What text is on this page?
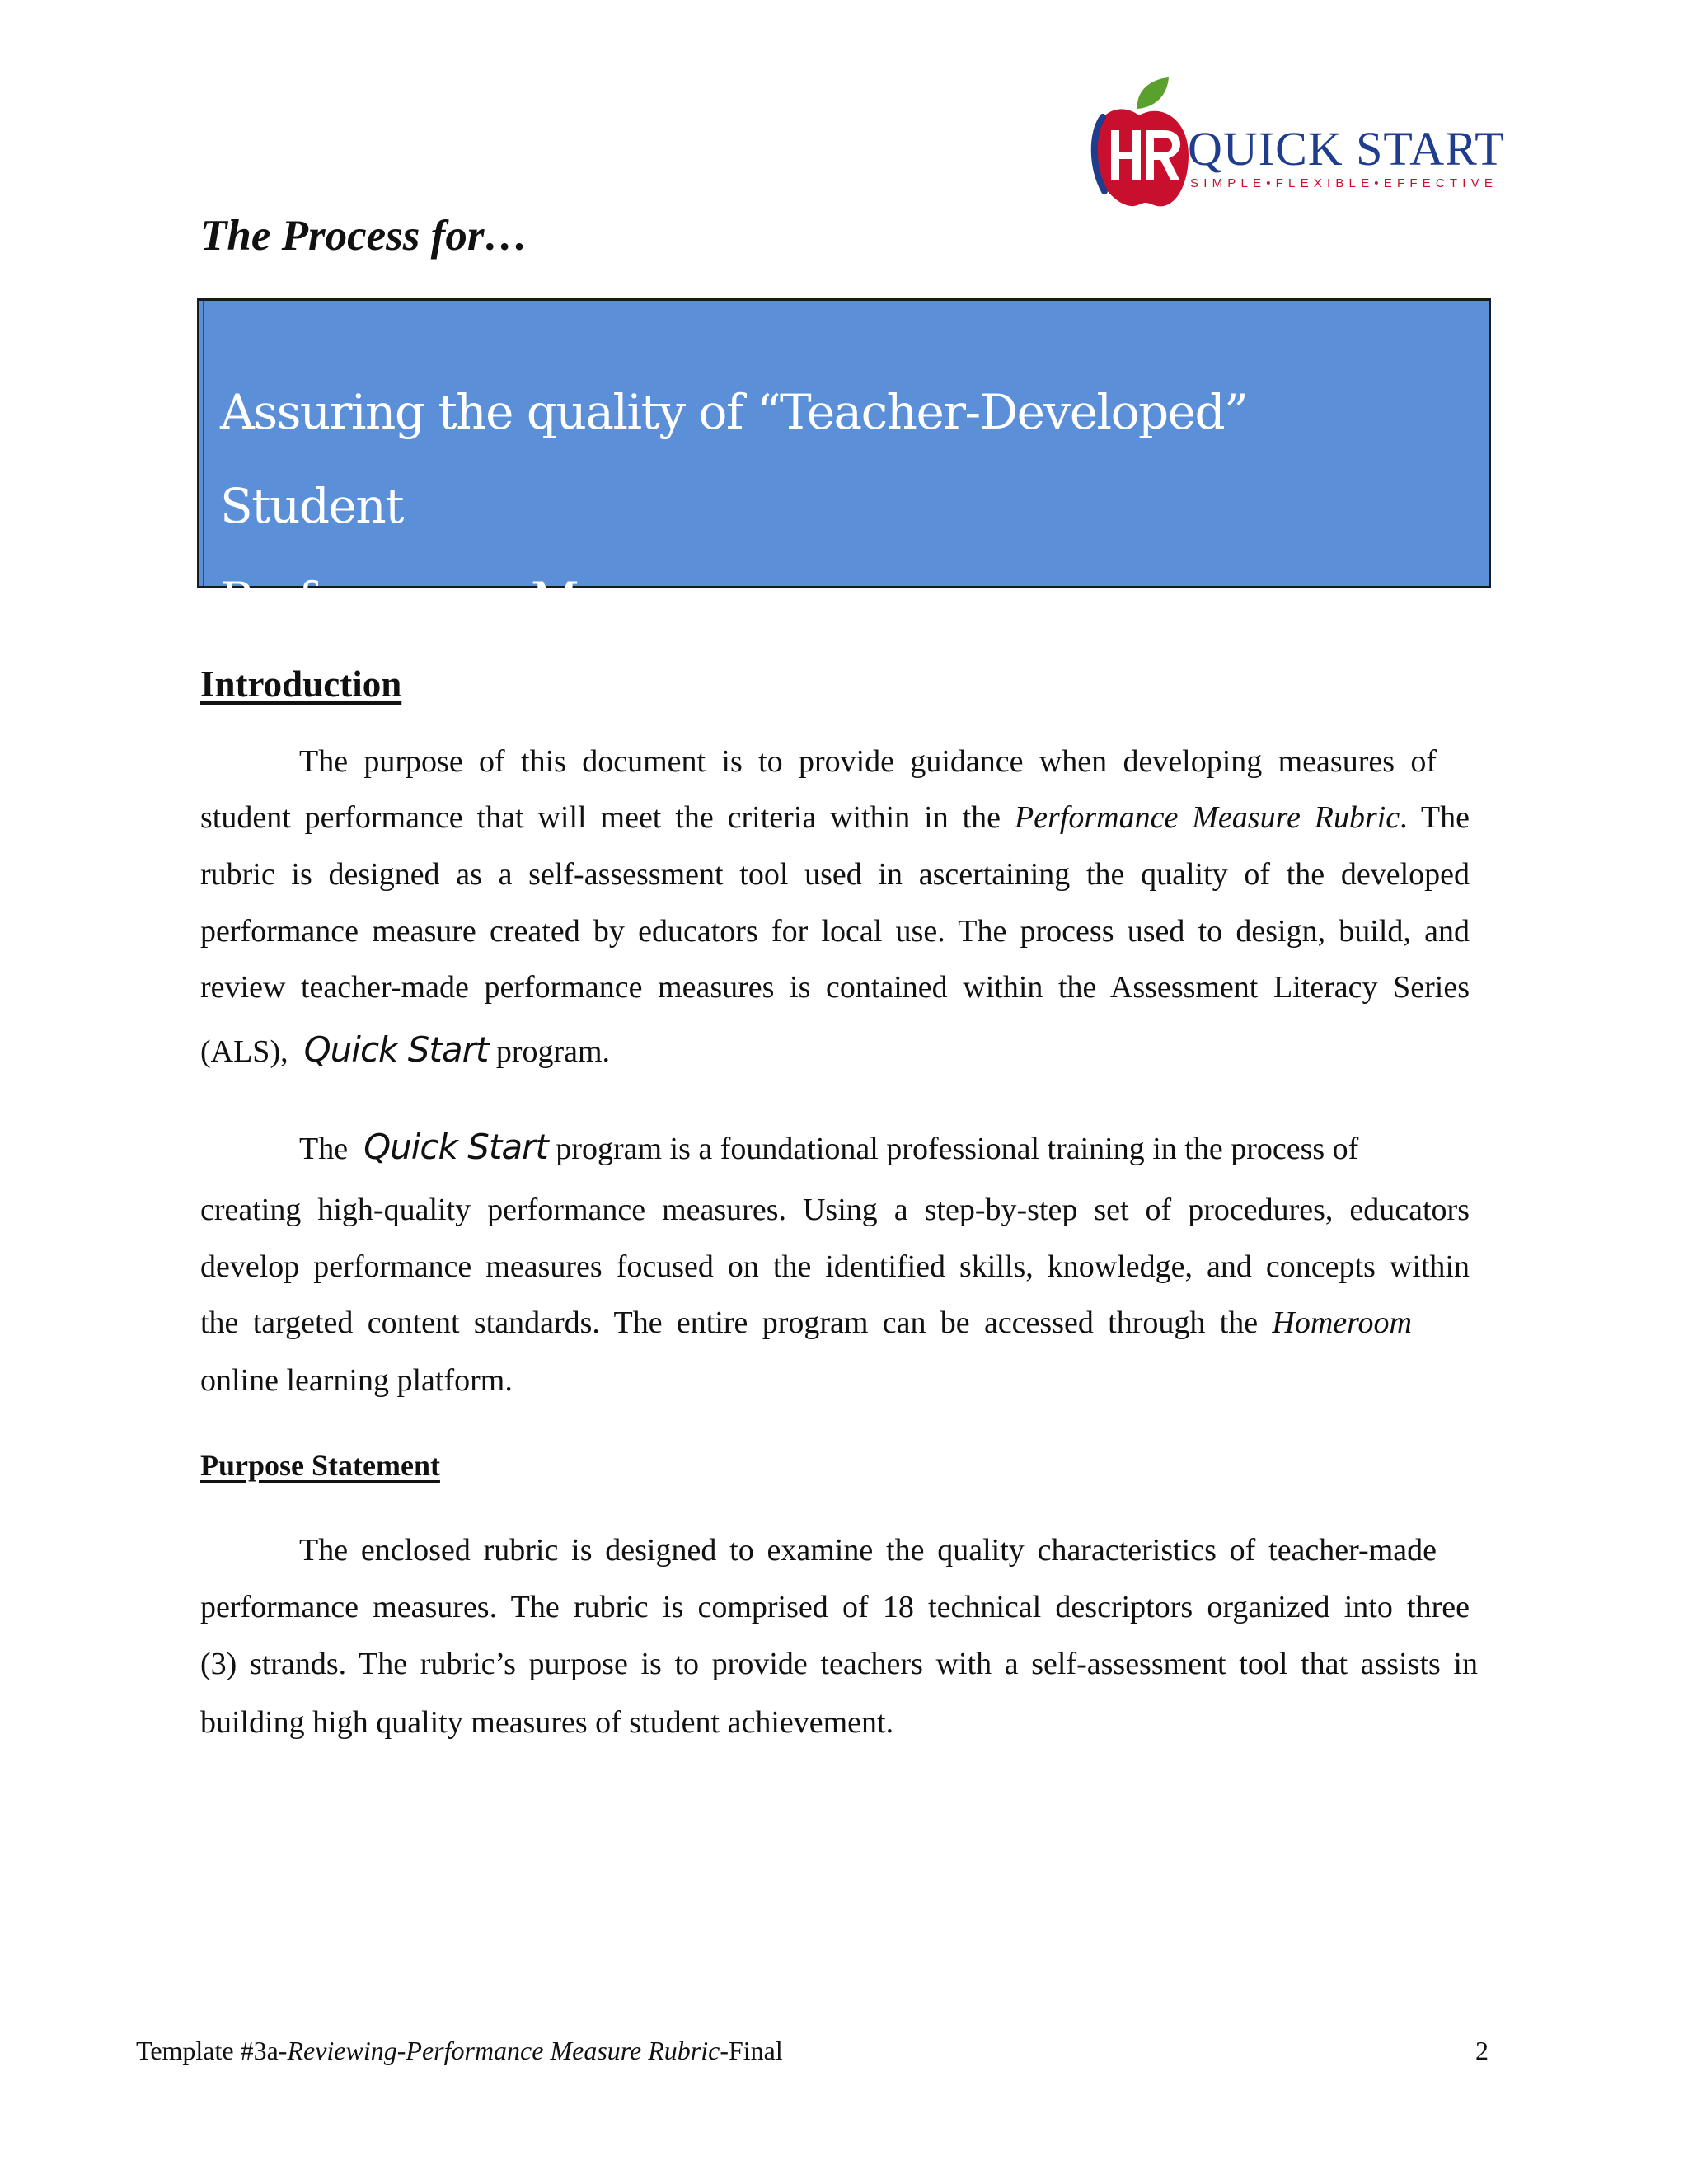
QUICK START
SIMPLE•FLEXIBLE•EFFECTIVE
The Process for…
Assuring the quality of “Teacher-Developed” Student
Performance Measures
Introduction
The purpose of this document is to provide guidance when developing measures of
student performance that will meet the criteria within in the Performance Measure Rubric. The
rubric is designed as a self-assessment tool used in ascertaining the quality of the developed
performance measure created by educators for local use. The process used to design, build, and
review teacher-made performance measures is contained within the Assessment Literacy Series
(ALS), Quick Start program.
The Quick Start program is a foundational professional training in the process of
creating high-quality performance measures. Using a step-by-step set of procedures, educators
develop performance measures focused on the identified skills, knowledge, and concepts within
the targeted content standards. The entire program can be accessed through the Homeroom
online learning platform.
Purpose Statement
The enclosed rubric is designed to examine the quality characteristics of teacher-made
performance measures. The rubric is comprised of 18 technical descriptors organized into three
(3) strands. The rubric’s purpose is to provide teachers with a self-assessment tool that assists in
building high quality measures of student achievement.
Template #3a-Reviewing-Performance Measure Rubric-Final	2
